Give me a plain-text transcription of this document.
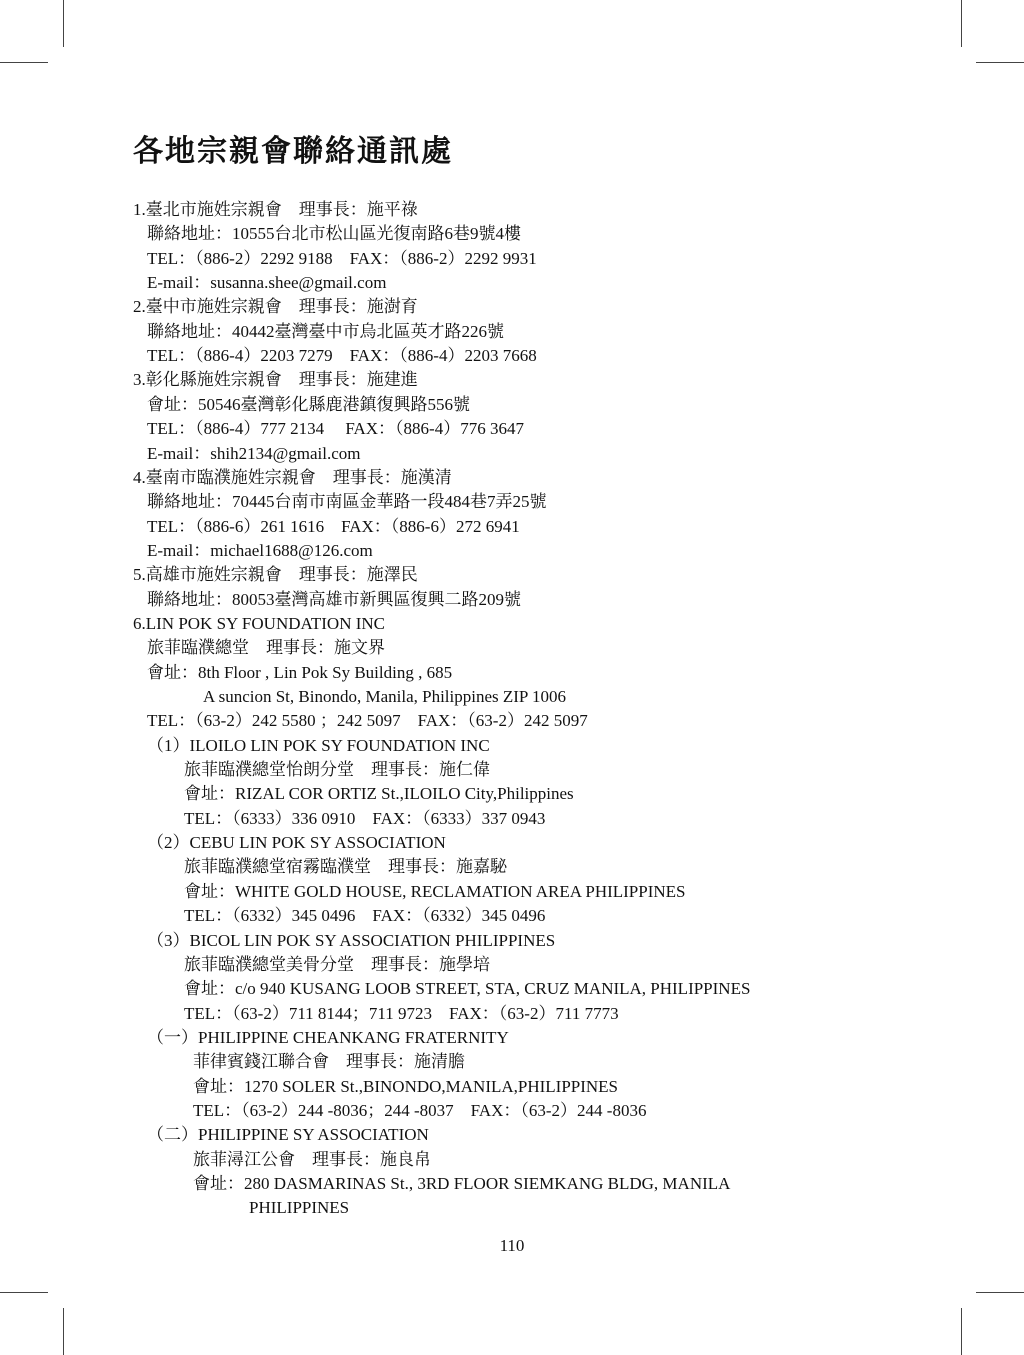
各地宗親會聯絡通訊處
1.臺北市施姓宗親會　理事長：施平祿
聯絡地址：10555台北市松山區光復南路6巷9號4樓
TEL：（886-2）2292 9188　FAX：（886-2）2292 9931
E-mail：susanna.shee@gmail.com
2.臺中市施姓宗親會　理事長：施澍育
聯絡地址：40442臺灣臺中市烏北區英才路226號
TEL：（886-4）2203 7279　FAX：（886-4）2203 7668
3.彰化縣施姓宗親會　理事長：施建進
會址：50546臺灣彰化縣鹿港鎮復興路556號
TEL：（886-4）777 2134　 FAX：（886-4）776 3647
E-mail：shih2134@gmail.com
4.臺南市臨濮施姓宗親會　理事長：施漢清
聯絡地址：70445台南市南區金華路一段484巷7弄25號
TEL：（886-6）261 1616　FAX：（886-6）272 6941
E-mail：michael1688@126.com
5.高雄市施姓宗親會　理事長：施澤民
聯絡地址：80053臺灣高雄市新興區復興二路209號
6.LIN POK SY FOUNDATION INC
旅菲臨濮總堂　理事長：施文界
會址：8th Floor , Lin Pok Sy Building , 685
A suncion St, Binondo, Manila, Philippines ZIP 1006
TEL：（63-2）242 5580 ；242 5097　FAX：（63-2）242 5097
（1）ILOILO LIN POK SY FOUNDATION INC
旅菲臨濮總堂怡朗分堂　理事長：施仁偉
會址：RIZAL COR ORTIZ St.,ILOILO City,Philippines
TEL：（6333）336 0910　FAX：（6333）337 0943
（2）CEBU LIN POK SY ASSOCIATION
旅菲臨濮總堂宿霧臨濮堂　理事長：施嘉駜
會址：WHITE GOLD HOUSE, RECLAMATION AREA PHILIPPINES
TEL：（6332）345 0496　FAX：（6332）345 0496
（3）BICOL LIN POK SY ASSOCIATION PHILIPPINES
旅菲臨濮總堂美骨分堂　理事長：施學培
會址：c/o 940 KUSANG LOOB STREET, STA, CRUZ MANILA, PHILIPPINES
TEL：（63-2）711 8144；711 9723　FAX：（63-2）711 7773
（一）PHILIPPINE CHEANKANG FRATERNITY
菲律賓錢江聯合會　理事長：施清膽
會址：1270 SOLER St.,BINONDO,MANILA,PHILIPPINES
TEL：（63-2）244 -8036；244 -8037　FAX：（63-2）244 -8036
（二）PHILIPPINE SY ASSOCIATION
旅菲潯江公會　理事長：施良帛
會址：280 DASMARINAS St., 3RD FLOOR SIEMKANG BLDG, MANILA
PHILIPPINES
110
